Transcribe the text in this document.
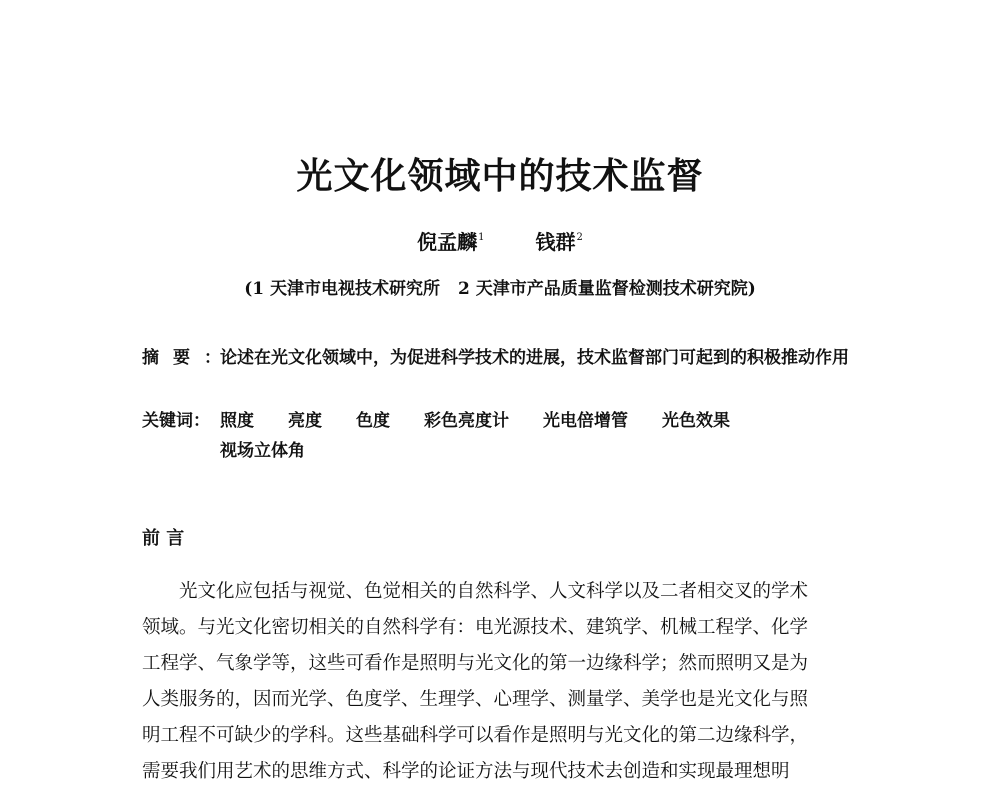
光文化领域中的技术监督
倪孟麟$^1$	钱群$^2$
(1 天津市电视技术研究所 2 天津市产品质量监督检测技术研究院)
摘要：
论述在光文化领域中，为促进科学技术的进展，技术监督部门可起到的积极推动作用
关键词： 照度 亮度 色度 彩色亮度计 光电倍增管 光色效果
视场立体角
前 言
光文化应包括与视觉、色觉相关的自然科学、人文科学以及二者相交叉的学术
领域。与光文化密切相关的自然科学有：电光源技术、建筑学、机械工程学、化学
工程学、气象学等，这些可看作是照明与光文化的第一边缘科学；然而照明又是为
人类服务的，因而光学、色度学、生理学、心理学、测量学、美学也是光文化与照
明工程不可缺少的学科。这些基础科学可以看作是照明与光文化的第二边缘科学，
需要我们用艺术的思维方式、科学的论证方法与现代技术去创造和实现最理想明
